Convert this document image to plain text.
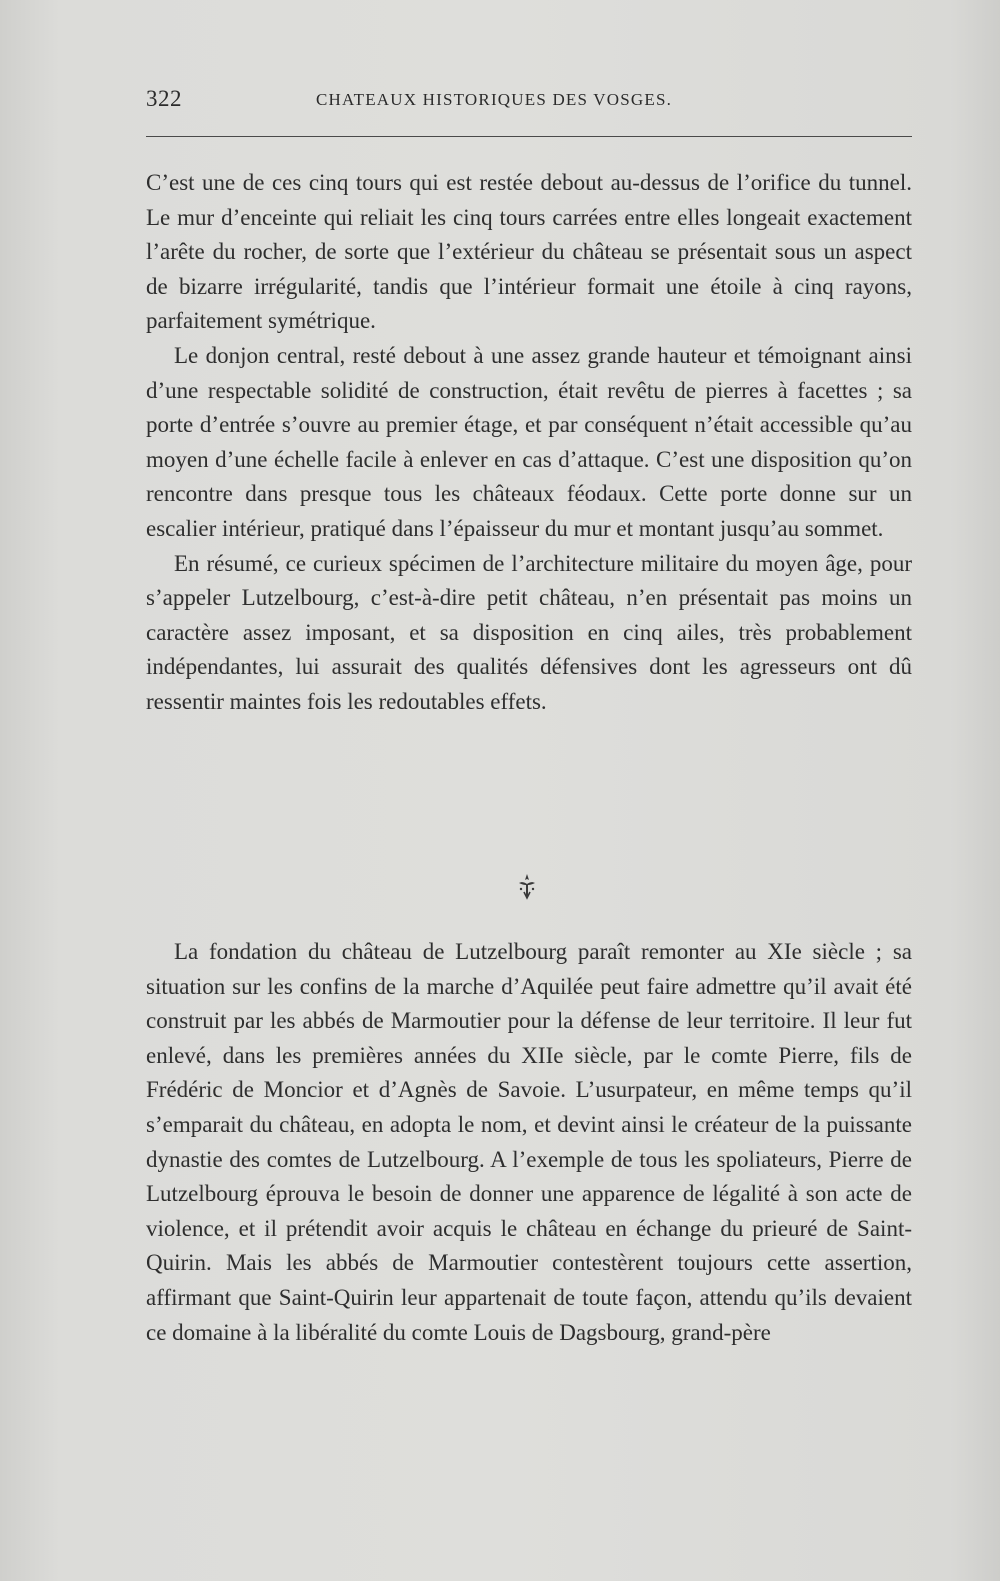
322	CHATEAUX HISTORIQUES DES VOSGES.

C’est une de ces cinq tours qui est restée debout au-dessus de l’orifice du tunnel. Le mur d’enceinte qui reliait les cinq tours carrées entre elles longeait exactement l’arête du rocher, de sorte que l’extérieur du château se présentait sous un aspect de bizarre irrégularité, tandis que l’intérieur formait une étoile à cinq rayons, parfaitement symétrique.

Le donjon central, resté debout à une assez grande hauteur et témoignant ainsi d’une respectable solidité de construction, était revêtu de pierres à facettes ; sa porte d’entrée s’ouvre au premier étage, et par conséquent n’était accessible qu’au moyen d’une échelle facile à enlever en cas d’attaque. C’est une disposition qu’on rencontre dans presque tous les châteaux féodaux. Cette porte donne sur un escalier intérieur, pratiqué dans l’épaisseur du mur et montant jusqu’au sommet.

En résumé, ce curieux spécimen de l’architecture militaire du moyen âge, pour s’appeler Lutzelbourg, c’est-à-dire petit château, n’en présentait pas moins un caractère assez imposant, et sa disposition en cinq ailes, très probablement indépendantes, lui assurait des qualités défensives dont les agresseurs ont dû ressentir maintes fois les redoutables effets.

La fondation du château de Lutzelbourg paraît remonter au XIe siècle ; sa situation sur les confins de la marche d’Aquilée peut faire admettre qu’il avait été construit par les abbés de Marmoutier pour la défense de leur territoire. Il leur fut enlevé, dans les premières années du XIIe siècle, par le comte Pierre, fils de Frédéric de Moncior et d’Agnès de Savoie. L’usurpateur, en même temps qu’il s’emparait du château, en adopta le nom, et devint ainsi le créateur de la puissante dynastie des comtes de Lutzelbourg. A l’exemple de tous les spoliateurs, Pierre de Lutzelbourg éprouva le besoin de donner une apparence de légalité à son acte de violence, et il prétendit avoir acquis le château en échange du prieuré de Saint-Quirin. Mais les abbés de Marmoutier contestèrent toujours cette assertion, affirmant que Saint-Quirin leur appartenait de toute façon, attendu qu’ils devaient ce domaine à la libéralité du comte Louis de Dagsbourg, grand-père
